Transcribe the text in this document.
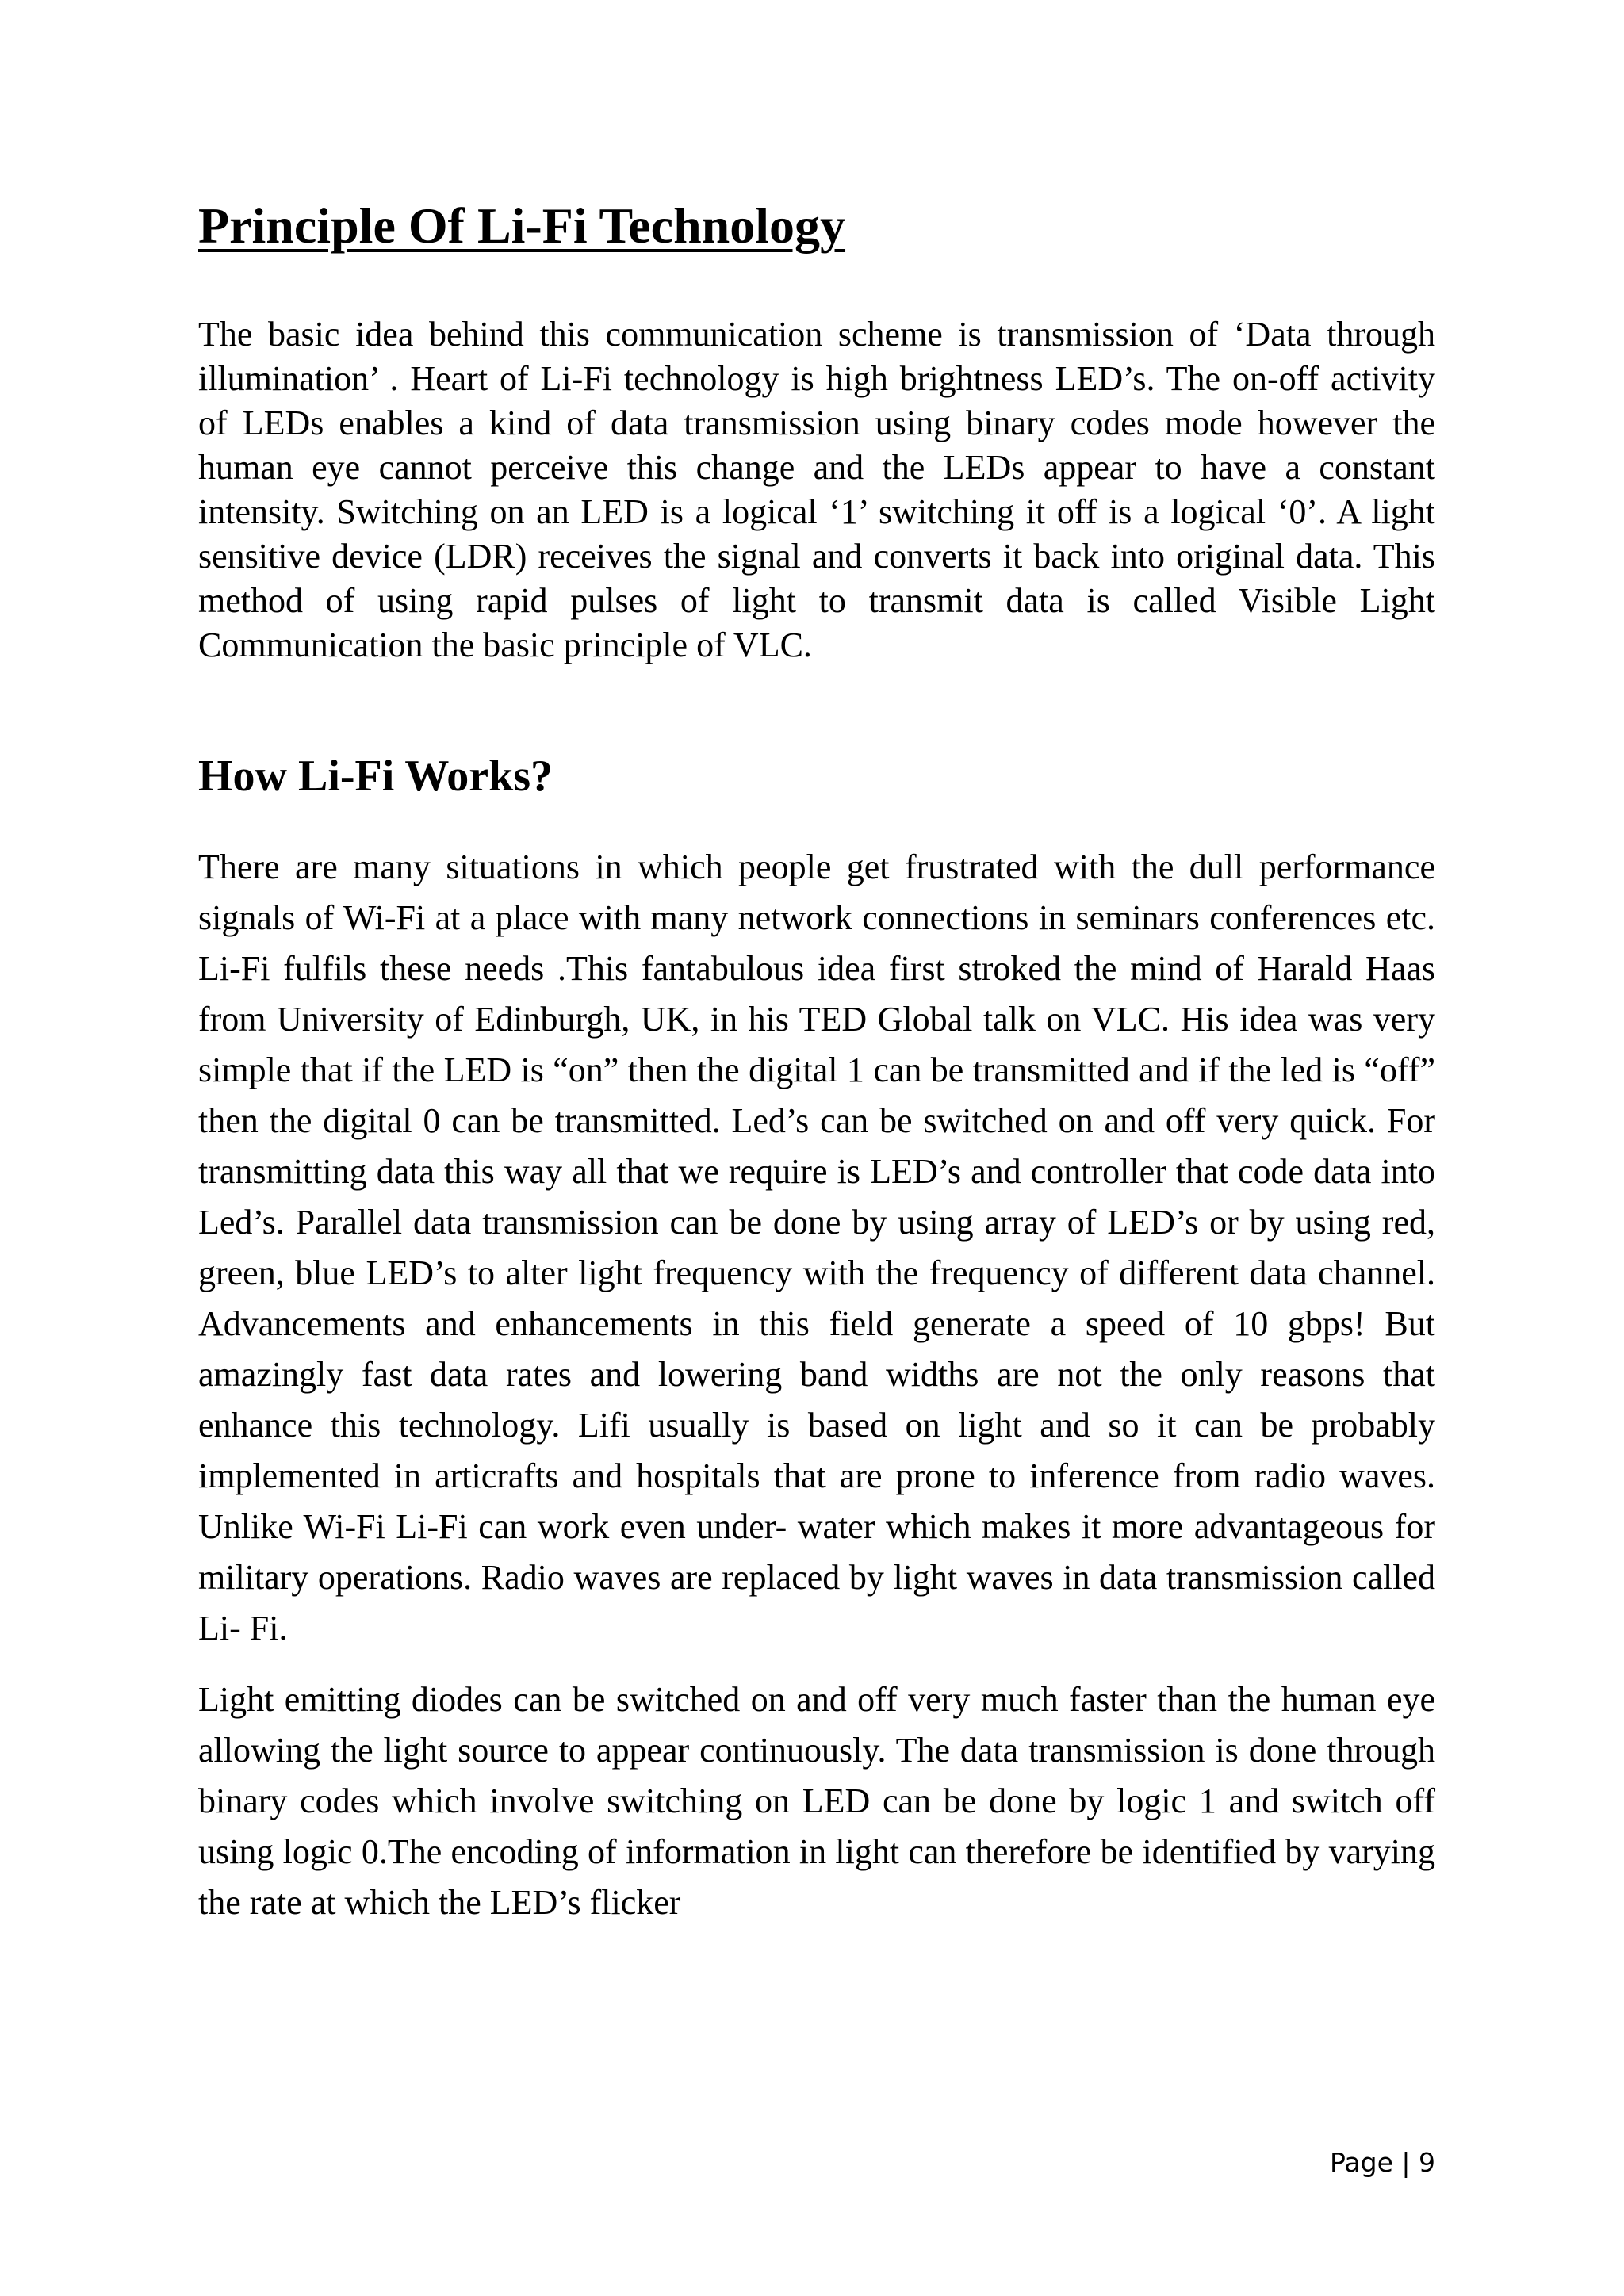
Principle Of Li-Fi Technology

The basic idea behind this communication scheme is transmission of ‘Data through illumination’ . Heart of Li-Fi technology is high brightness LED’s. The on-off activity of LEDs enables a kind of data transmission using binary codes mode however the human eye cannot perceive this change and the LEDs appear to have a constant intensity. Switching on an LED is a logical ‘1’ switching it off is a logical ‘0’. A light sensitive device (LDR) receives the signal and converts it back into original data. This method of using rapid pulses of light to transmit data is called Visible Light Communication the basic principle of VLC.

How Li-Fi Works?

There are many situations in which people get frustrated with the dull performance signals of Wi-Fi at a place with many network connections in seminars conferences etc. Li-Fi fulfils these needs .This fantabulous idea first stroked the mind of Harald Haas from University of Edinburgh, UK, in his TED Global talk on VLC. His idea was very simple that if the LED is “on” then the digital 1 can be transmitted and if the led is “off” then the digital 0 can be transmitted. Led’s can be switched on and off very quick. For transmitting data this way all that we require is LED’s and controller that code data into Led’s. Parallel data transmission can be done by using array of LED’s or by using red, green, blue LED’s to alter light frequency with the frequency of different data channel. Advancements and enhancements in this field generate a speed of 10 gbps! But amazingly fast data rates and lowering band widths are not the only reasons that enhance this technology. Lifi usually is based on light and so it can be probably implemented in articrafts and hospitals that are prone to inference from radio waves. Unlike Wi-Fi Li-Fi can work even under- water which makes it more advantageous for military operations. Radio waves are replaced by light waves in data transmission called Li- Fi.

Light emitting diodes can be switched on and off very much faster than the human eye allowing the light source to appear continuously. The data transmission is done through binary codes which involve switching on LED can be done by logic 1 and switch off using logic 0.The encoding of information in light can therefore be identified by varying the rate at which the LED’s flicker

Page | 9
